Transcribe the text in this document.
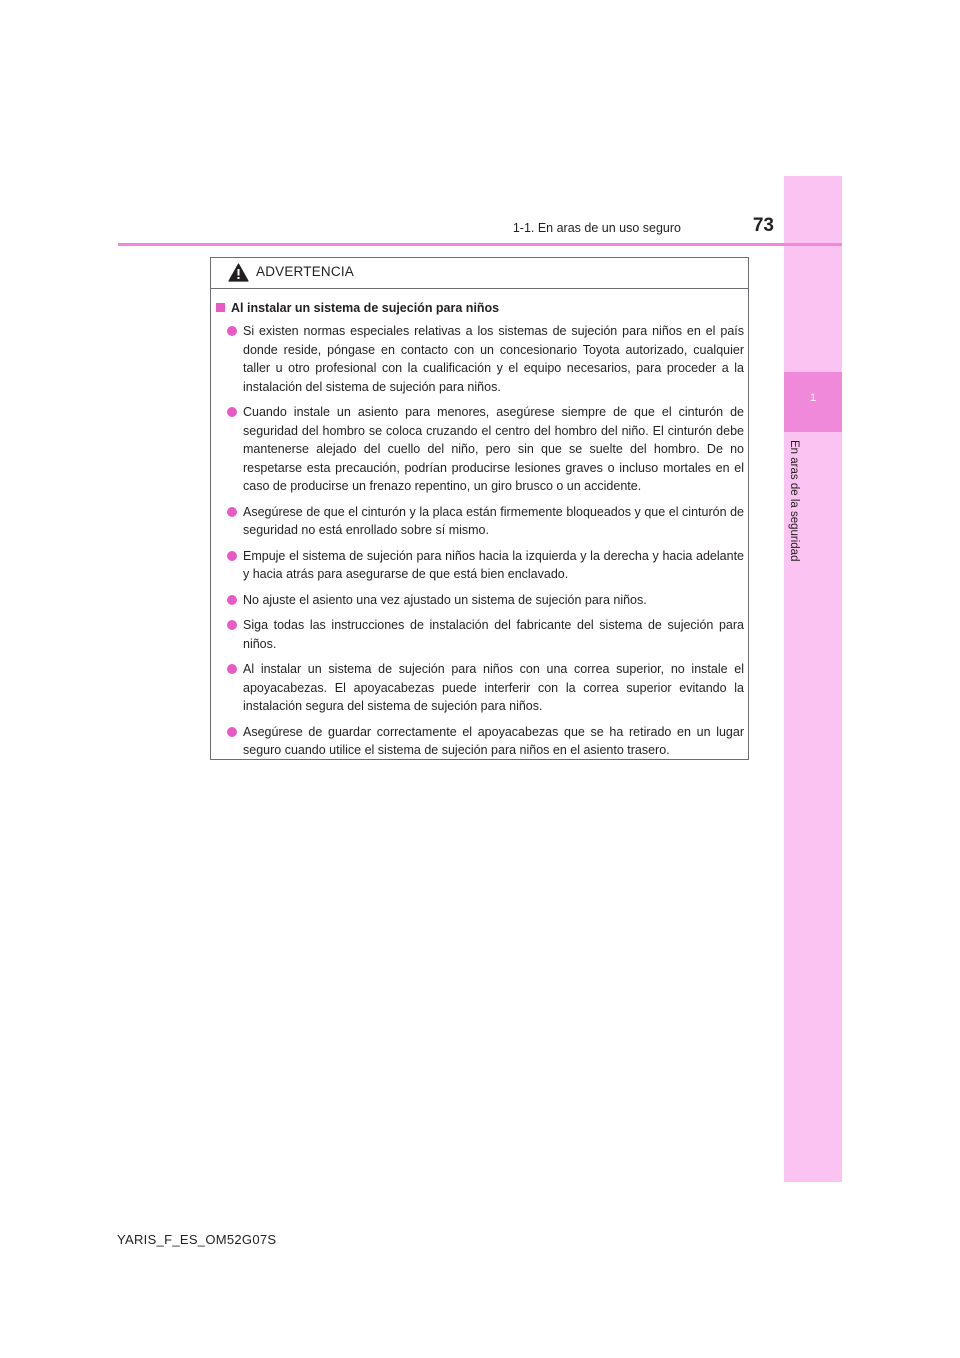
1
En aras de la seguridad
1-1. En aras de un uso seguro	73
ADVERTENCIA
Al instalar un sistema de sujeción para niños
Si existen normas especiales relativas a los sistemas de sujeción para niños en el país donde reside, póngase en contacto con un concesionario Toyota autorizado, cualquier taller u otro profesional con la cualificación y el equipo necesarios, para proceder a la instalación del sistema de sujeción para niños.
Cuando instale un asiento para menores, asegúrese siempre de que el cinturón de seguridad del hombro se coloca cruzando el centro del hombro del niño. El cinturón debe mantenerse alejado del cuello del niño, pero sin que se suelte del hombro. De no respetarse esta precaución, podrían producirse lesiones graves o incluso mortales en el caso de producirse un frenazo repentino, un giro brusco o un accidente.
Asegúrese de que el cinturón y la placa están firmemente bloqueados y que el cinturón de seguridad no está enrollado sobre sí mismo.
Empuje el sistema de sujeción para niños hacia la izquierda y la derecha y hacia adelante y hacia atrás para asegurarse de que está bien enclavado.
No ajuste el asiento una vez ajustado un sistema de sujeción para niños.
Siga todas las instrucciones de instalación del fabricante del sistema de sujeción para niños.
Al instalar un sistema de sujeción para niños con una correa superior, no instale el apoyacabezas. El apoyacabezas puede interferir con la correa superior evitando la instalación segura del sistema de sujeción para niños.
Asegúrese de guardar correctamente el apoyacabezas que se ha retirado en un lugar seguro cuando utilice el sistema de sujeción para niños en el asiento trasero.
YARIS_F_ES_OM52G07S
